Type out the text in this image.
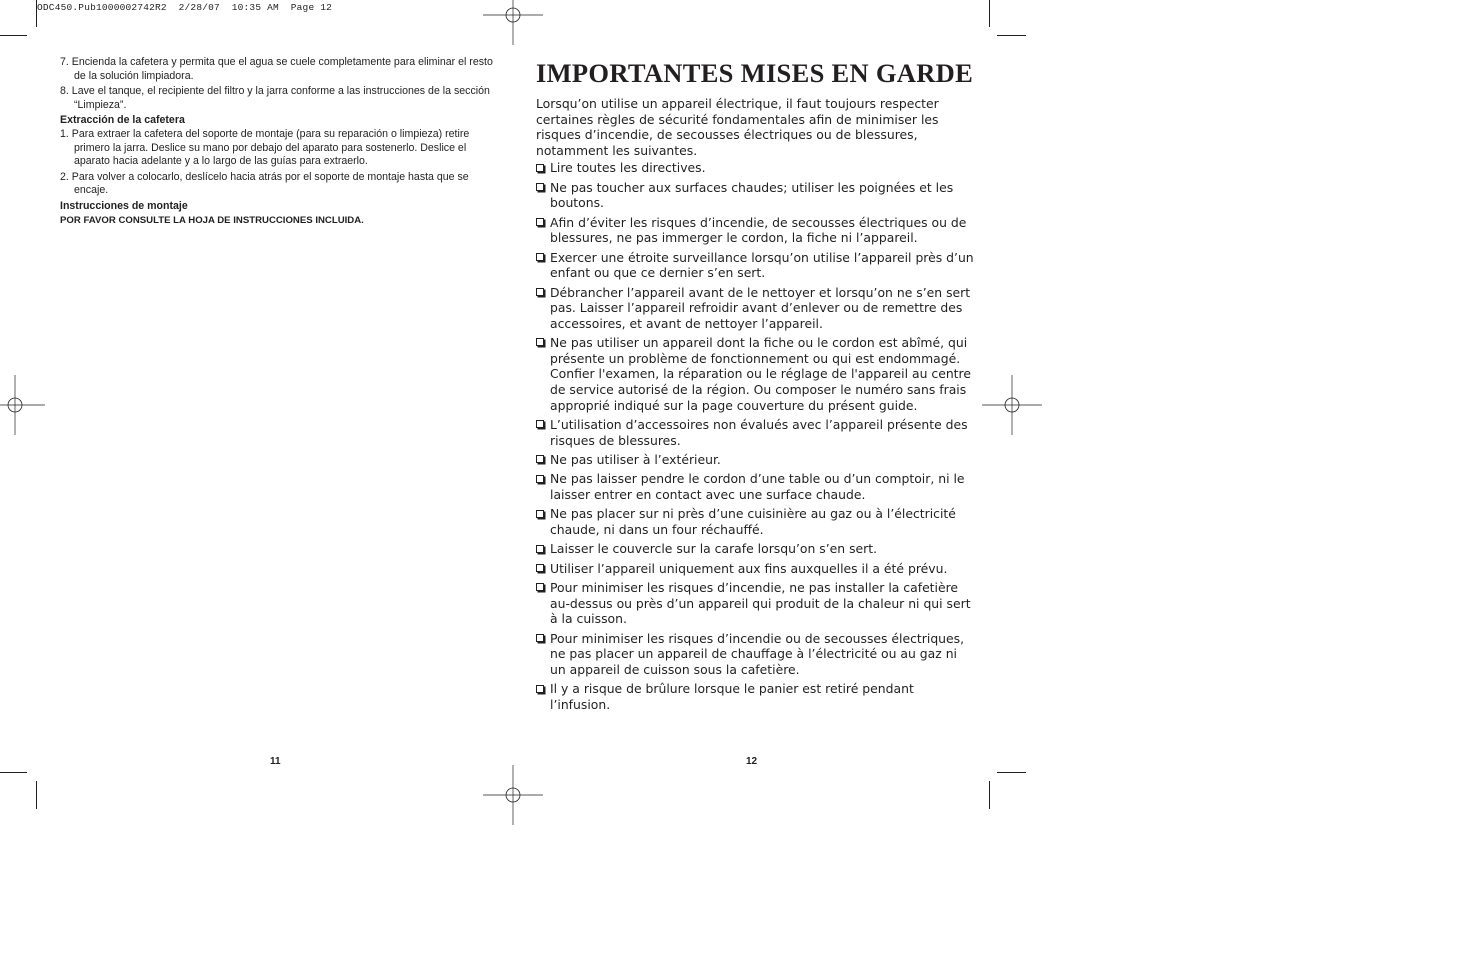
ODC450.Pub1000002742R2  2/28/07  10:35 AM  Page 12

7. Encienda la cafetera y permita que el agua se cuele completamente para eliminar el resto de la solución limpiadora.

8. Lave el tanque, el recipiente del filtro y la jarra conforme a las instrucciones de la sección “Limpieza”.

Extracción de la cafetera

1. Para extraer la cafetera del soporte de montaje (para su reparación o limpieza) retire primero la jarra. Deslice su mano por debajo del aparato para sostenerlo. Deslice el aparato hacia adelante y a lo largo de las guías para extraerlo.

2. Para volver a colocarlo, deslícelo hacia atrás por el soporte de montaje hasta que se encaje.

Instrucciones de montaje

POR FAVOR CONSULTE LA HOJA DE INSTRUCCIONES INCLUIDA.

11
IMPORTANTES MISES EN GARDE

Lorsqu’on utilise un appareil électrique, il faut toujours respecter certaines règles de sécurité fondamentales afin de minimiser les risques d’incendie, de secousses électriques ou de blessures, notamment les suivantes.

Lire toutes les directives.
Ne pas toucher aux surfaces chaudes; utiliser les poignées et les boutons.
Afin d’éviter les risques d’incendie, de secousses électriques ou de blessures, ne pas immerger le cordon, la fiche ni l’appareil.
Exercer une étroite surveillance lorsqu’on utilise l’appareil près d’un enfant ou que ce dernier s’en sert.
Débrancher l’appareil avant de le nettoyer et lorsqu’on ne s’en sert pas. Laisser l’appareil refroidir avant d’enlever ou de remettre des accessoires, et avant de nettoyer l’appareil.
Ne pas utiliser un appareil dont la fiche ou le cordon est abîmé, qui présente un problème de fonctionnement ou qui est endommagé. Confier l'examen, la réparation ou le réglage de l'appareil au centre de service autorisé de la région. Ou composer le numéro sans frais approprié indiqué sur la page couverture du présent guide.
L’utilisation d’accessoires non évalués avec l’appareil présente des risques de blessures.
Ne pas utiliser à l’extérieur.
Ne pas laisser pendre le cordon d’une table ou d’un comptoir, ni le laisser entrer en contact avec une surface chaude.
Ne pas placer sur ni près d’une cuisinière au gaz ou à l’électricité chaude, ni dans un four réchauffé.
Laisser le couvercle sur la carafe lorsqu’on s’en sert.
Utiliser l’appareil uniquement aux fins auxquelles il a été prévu.
Pour minimiser les risques d’incendie, ne pas installer la cafetière au-dessus ou près d’un appareil qui produit de la chaleur ni qui sert à la cuisson.
Pour minimiser les risques d’incendie ou de secousses électriques, ne pas placer un appareil de chauffage à l’électricité ou au gaz ni un appareil de cuisson sous la cafetière.
Il y a risque de brûlure lorsque le panier est retiré pendant l’infusion.
12
